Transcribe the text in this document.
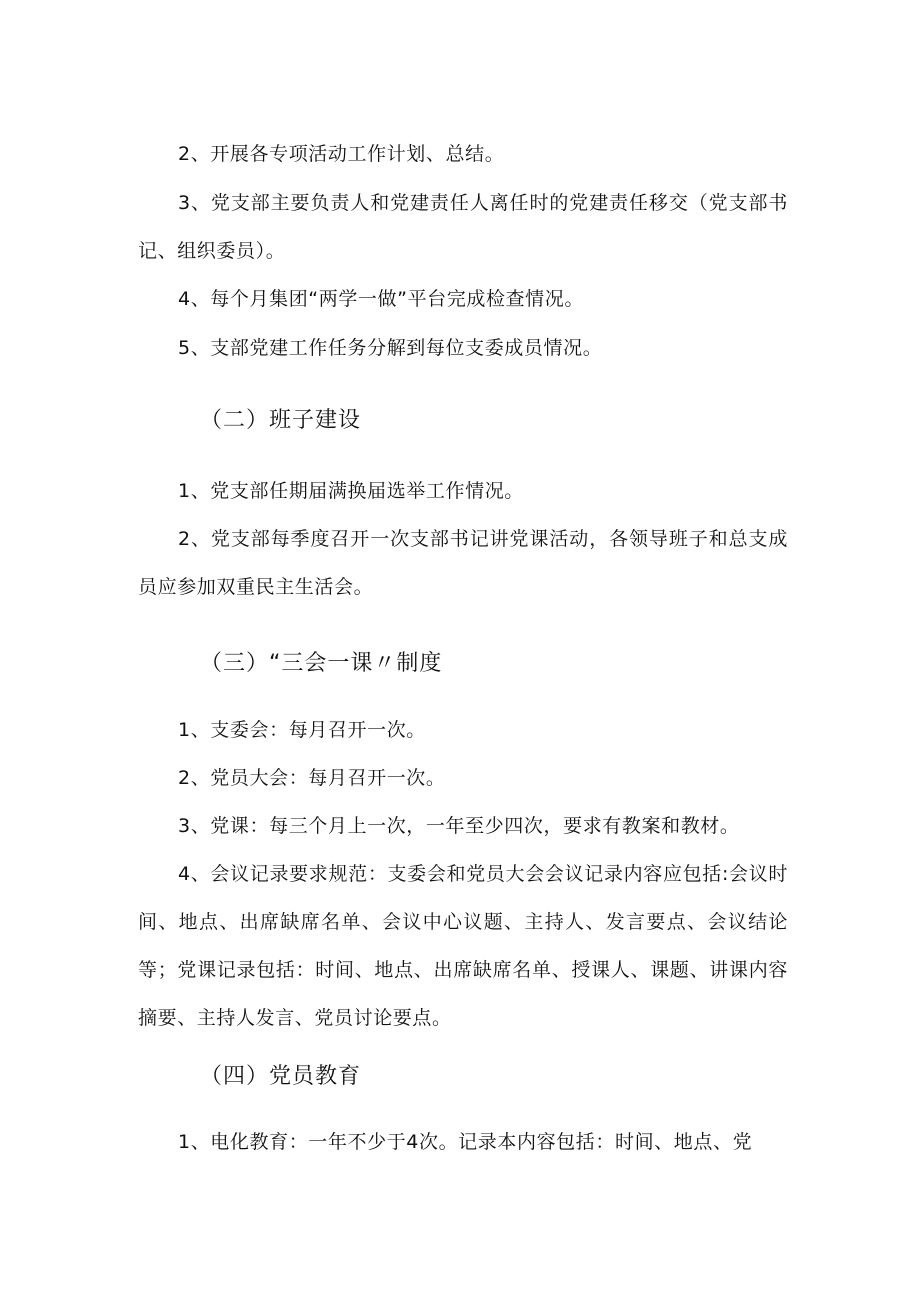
2、开展各专项活动工作计划、总结。

3、党支部主要负责人和党建责任人离任时的党建责任移交（党支部书记、组织委员）。

4、每个月集团“两学一做”平台完成检查情况。

5、支部党建工作任务分解到每位支委成员情况。

（二）班子建设

1、党支部任期届满换届选举工作情况。

2、党支部每季度召开一次支部书记讲党课活动，各领导班子和总支成员应参加双重民主生活会。

（三）“三会一课〃制度

1、支委会：每月召开一次。

2、党员大会：每月召开一次。

3、党课：每三个月上一次，一年至少四次，要求有教案和教材。

4、会议记录要求规范：支委会和党员大会会议记录内容应包括:会议时间、地点、出席缺席名单、会议中心议题、主持人、发言要点、会议结论等；党课记录包括：时间、地点、出席缺席名单、授课人、课题、讲课内容摘要、主持人发言、党员讨论要点。

（四）党员教育

1、电化教育：一年不少于4次。记录本内容包括：时间、地点、党
